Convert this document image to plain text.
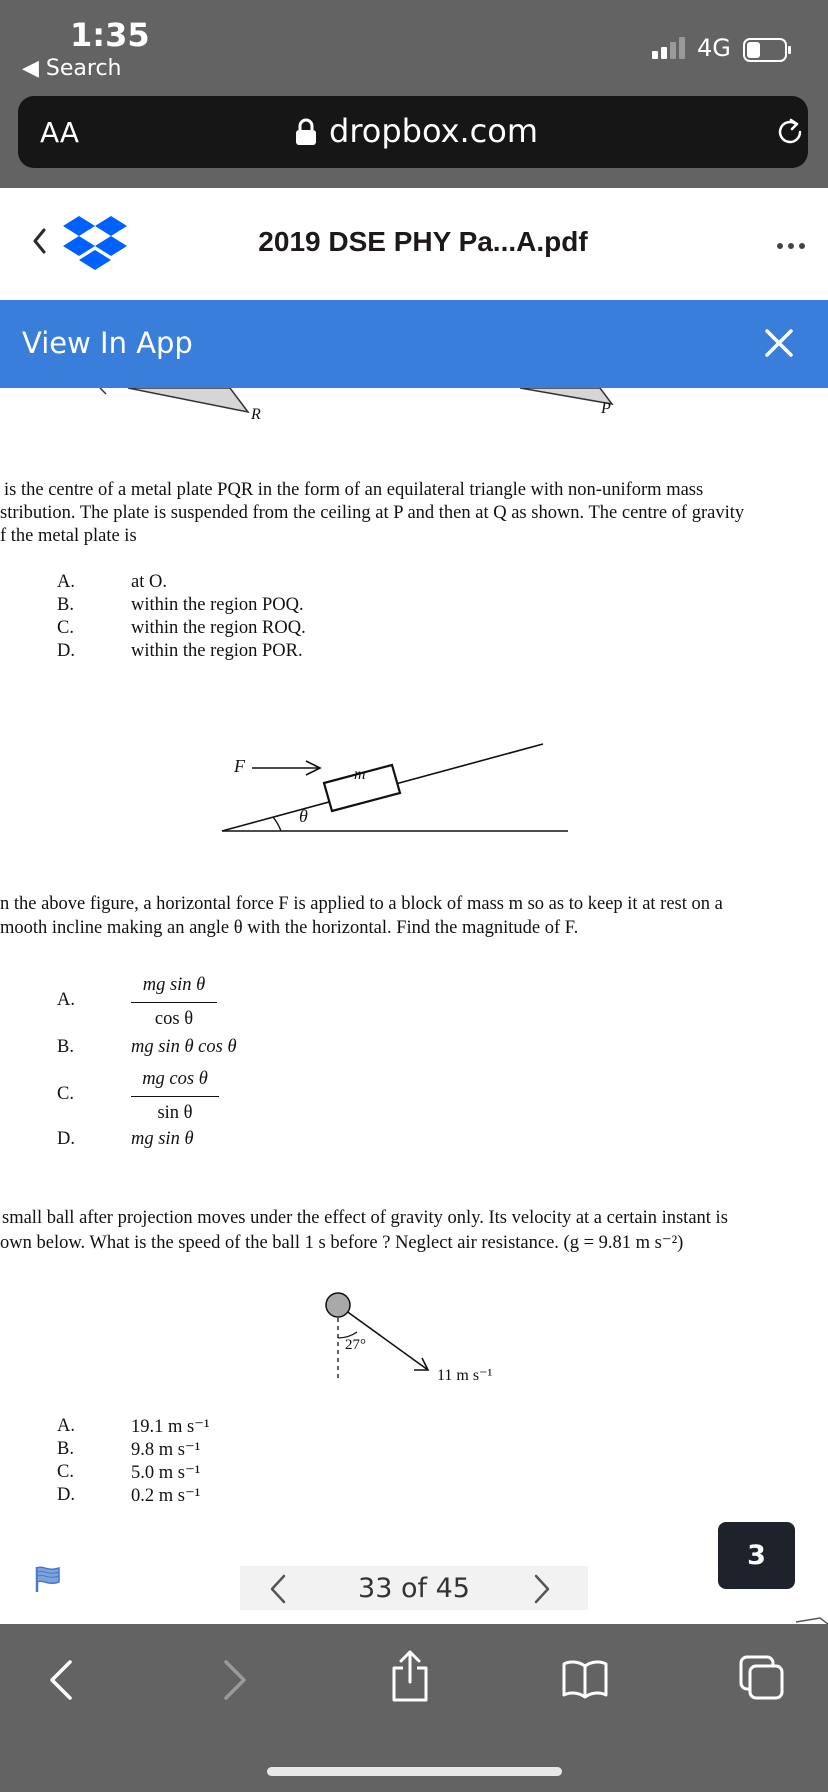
1:35
◀ Search
4G
AA	dropbox.com
2019 DSE PHY Pa...A.pdf
View In App
R	P
is the centre of a metal plate PQR in the form of an equilateral triangle with non-uniform mass
stribution. The plate is suspended from the ceiling at P and then at Q as shown. The centre of gravity
f the metal plate is
A.	at O.
B.	within the region POQ.
C.	within the region ROQ.
D.	within the region POR.
F	m
θ
n the above figure, a horizontal force F is applied to a block of mass m so as to keep it at rest on a
mooth incline making an angle θ with the horizontal. Find the magnitude of F.
A.	$\frac{\text{mg sin θ}}{\text{cos θ}}$
B.	mg sin θ cos θ
C.	$\frac{\text{mg cos θ}}{\text{sin θ}}$
D.	mg sin θ
small ball after projection moves under the effect of gravity only. Its velocity at a certain instant is
own below. What is the speed of the ball 1 s before ? Neglect air resistance. (g = 9.81 m s⁻²)
27°
11 m s⁻¹
A.	19.1 m s⁻¹
B.	9.8 m s⁻¹
C.	5.0 m s⁻¹
D.	0.2 m s⁻¹
33 of 45
3
